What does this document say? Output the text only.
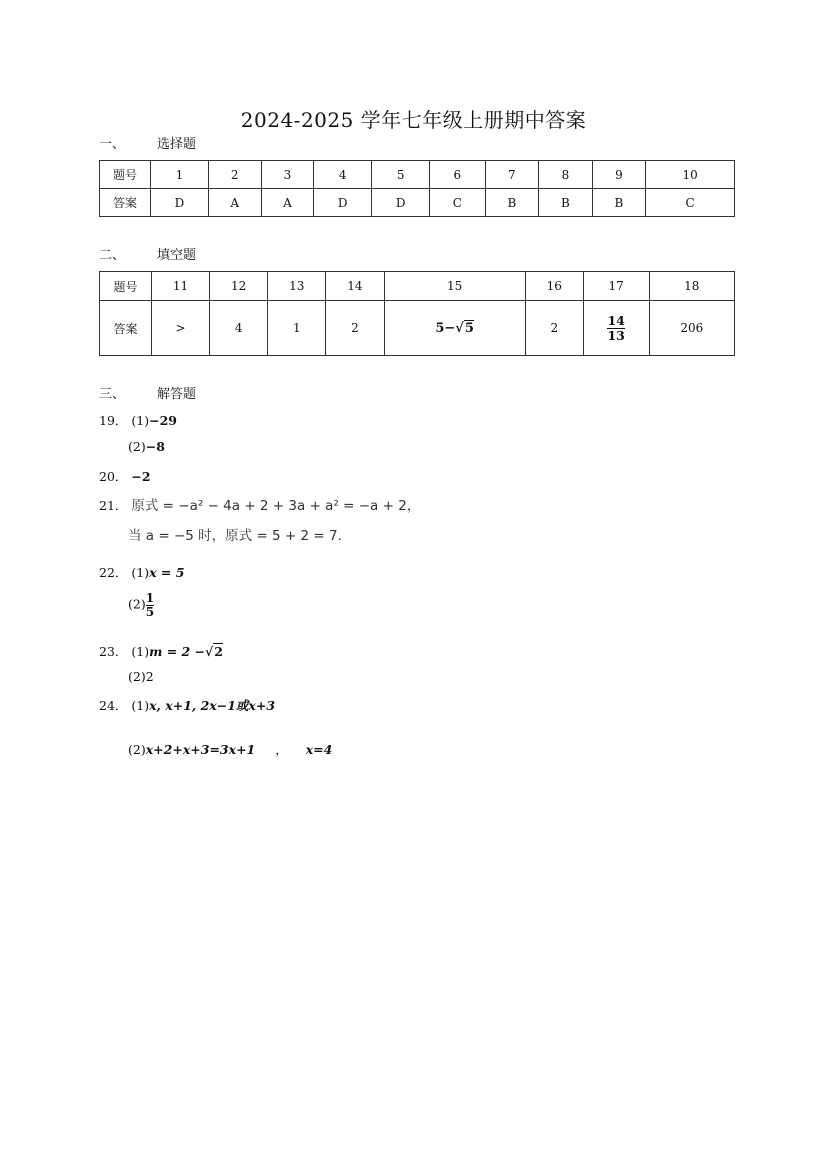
2024-2025 学年七年级上册期中答案
一、 选择题
题号	1	2	3	4	5	6	7	8	9	10
答案	D	A	A	D	D	C	B	B	B	C
二、 填空题
题号	11	12	13	14	15	16	17	18
答案	>	4	1	2	5−√5	2	$\frac{14}{13}$	206
三、 解答题
19． (1)−29
(2)−8
20． −2
21． 原式 = −a² − 4a + 2 + 3a + a² = −a + 2，
当 a = −5 时，原式 = 5 + 2 = 7.
22． (1)x = 5
$(2) \frac{1}{5}$
23． (1)m = 2 −√2
(2)2
24． (1)x, x+1, 2x−1或x+3
(2)x+2+x+3=3x+1 ， x=4
